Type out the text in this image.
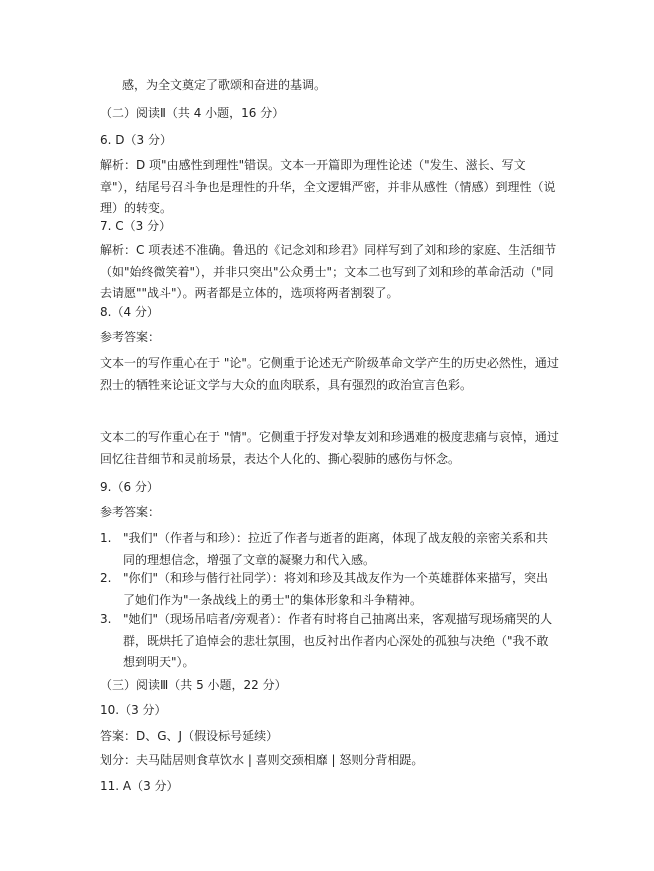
感，为全文奠定了歌颂和奋进的基调。

（二）阅读Ⅱ（共 4 小题，16 分）

6. D（3 分）

解析：D 项"由感性到理性"错误。文本一开篇即为理性论述（"发生、滋长、写文章"），结尾号召斗争也是理性的升华，全文逻辑严密，并非从感性（情感）到理性（说理）的转变。

7. C（3 分）

解析：C 项表述不准确。鲁迅的《记念刘和珍君》同样写到了刘和珍的家庭、生活细节（如"始终微笑着"），并非只突出"公众勇士"；文本二也写到了刘和珍的革命活动（"同去请愿""战斗"）。两者都是立体的，选项将两者割裂了。

8.（4 分）

参考答案：

文本一的写作重心在于 "论"。它侧重于论述无产阶级革命文学产生的历史必然性，通过烈士的牺牲来论证文学与大众的血肉联系，具有强烈的政治宣言色彩。

文本二的写作重心在于 "情"。它侧重于抒发对挚友刘和珍遇难的极度悲痛与哀悼，通过回忆往昔细节和灵前场景，表达个人化的、撕心裂肺的感伤与怀念。

9.（6 分）

参考答案：

1. "我们"（作者与和珍）：拉近了作者与逝者的距离，体现了战友般的亲密关系和共同的理想信念，增强了文章的凝聚力和代入感。
2. "你们"（和珍与偕行社同学）：将刘和珍及其战友作为一个英雄群体来描写，突出了她们作为"一条战线上的勇士"的集体形象和斗争精神。
3. "她们"（现场吊唁者/旁观者）：作者有时将自己抽离出来，客观描写现场痛哭的人群，既烘托了追悼会的悲壮氛围，也反衬出作者内心深处的孤独与决绝（"我不敢想到明天"）。

（三）阅读Ⅲ（共 5 小题，22 分）

10.（3 分）

答案：D、G、J（假设标号延续）

划分：夫马陆居则食草饮水 | 喜则交颈相靡 | 怒则分背相踶。

11. A（3 分）
